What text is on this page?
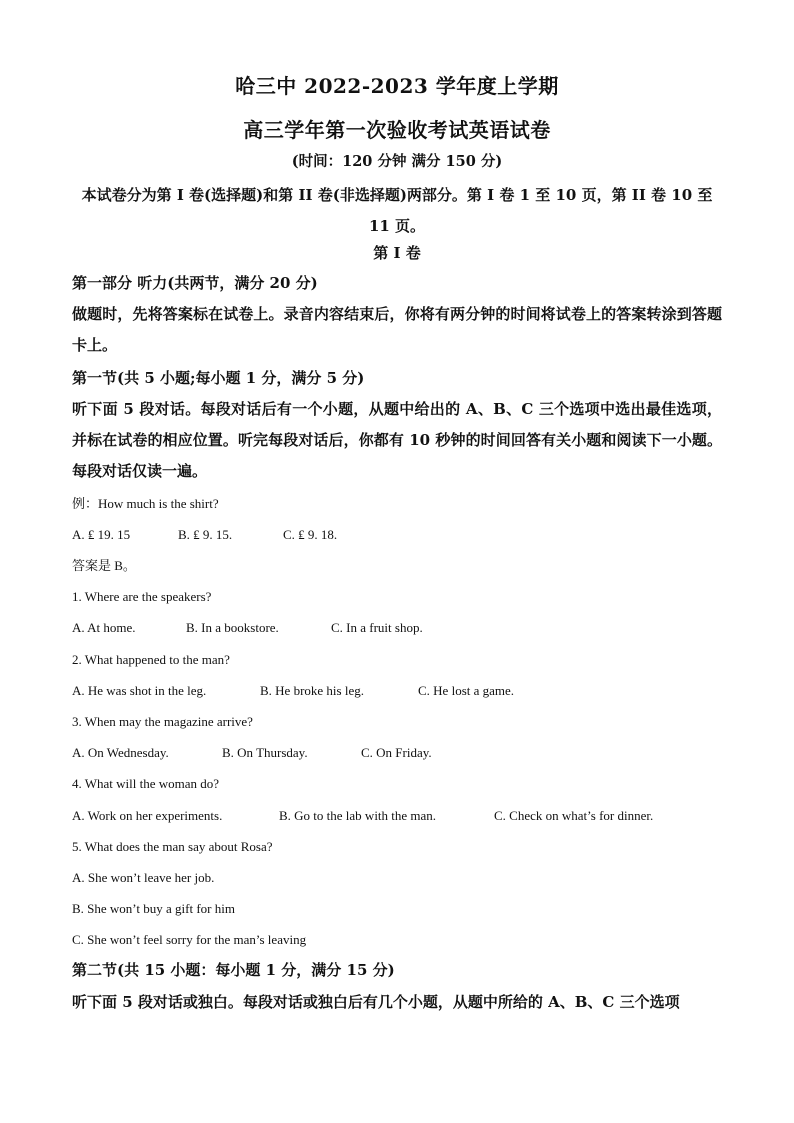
哈三中 2022-2023 学年度上学期
高三学年第一次验收考试英语试卷
(时间：120 分钟 满分 150 分)
本试卷分为第 I 卷(选择题)和第 II 卷(非选择题)两部分。第 I 卷 1 至 10 页，第 II 卷 10 至 11 页。
第 I 卷
第一部分 听力(共两节，满分 20 分)
做题时，先将答案标在试卷上。录音内容结束后，你将有两分钟的时间将试卷上的答案转涂到答题卡上。
第一节(共 5 小题;每小题 1 分，满分 5 分)
听下面 5 段对话。每段对话后有一个小题，从题中给出的 A、B、C 三个选项中选出最佳选项，并标在试卷的相应位置。听完每段对话后，你都有 10 秒钟的时间回答有关小题和阅读下一小题。每段对话仅读一遍。
例：How much is the shirt?
A. ₤ 19. 15	B. ₤ 9. 15.	C. ₤ 9. 18.
答案是 B。
1. Where are the speakers?
A. At home.	B. In a bookstore.	C. In a fruit shop.
2. What happened to the man?
A. He was shot in the leg.	B. He broke his leg.	C. He lost a game.
3. When may the magazine arrive?
A. On Wednesday.	B. On Thursday.	C. On Friday.
4. What will the woman do?
A. Work on her experiments.	B. Go to the lab with the man.	C. Check on what’s for dinner.
5. What does the man say about Rosa?
A. She won’t leave her job.
B. She won’t buy a gift for him
C. She won’t feel sorry for the man’s leaving
第二节(共 15 小题：每小题 1 分，满分 15 分)
听下面 5 段对话或独白。每段对话或独白后有几个小题，从题中所给的 A、B、C 三个选项
